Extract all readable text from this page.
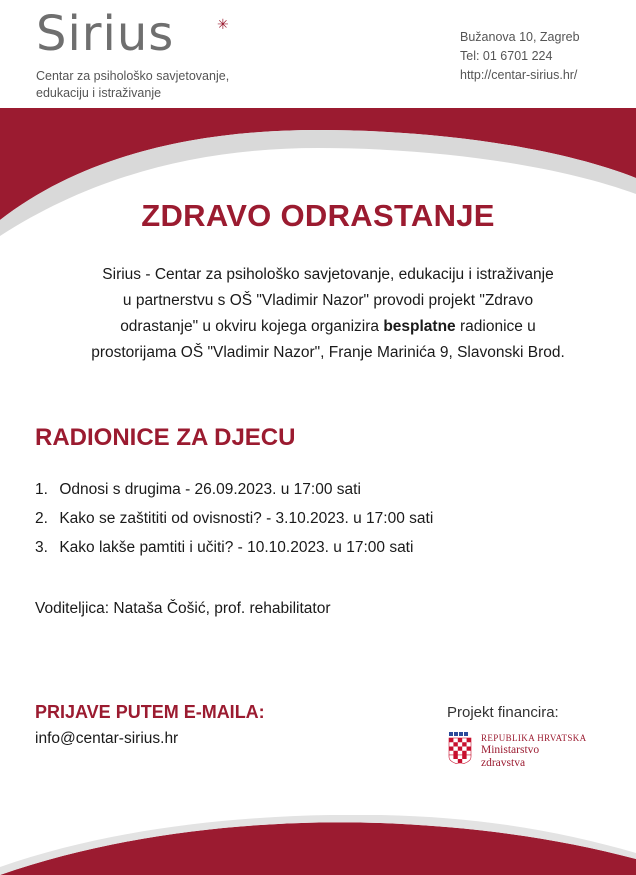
Sirius	✳
Centar za psihološko savjetovanje,
edukaciju i istraživanje
Bužanova 10, Zagreb
Tel: 01 6701 224
http://centar-sirius.hr/
ZDRAVO ODRASTANJE
Sirius - Centar za psihološko savjetovanje, edukaciju i istraživanje
u partnerstvu s OŠ "Vladimir Nazor" provodi projekt "Zdravo
odrastanje" u okviru kojega organizira besplatne radionice u
prostorijama OŠ "Vladimir Nazor", Franje Marinića 9, Slavonski Brod.
RADIONICE ZA DJECU
1. Odnosi s drugima - 26.09.2023. u 17:00 sati
2. Kako se zaštititi od ovisnosti? - 3.10.2023. u 17:00 sati
3. Kako lakše pamtiti i učiti? - 10.10.2023. u 17:00 sati
Voditeljica: Nataša Čošić, prof. rehabilitator
PRIJAVE PUTEM E-MAILA:
info@centar-sirius.hr
Projekt financira:
REPUBLIKA HRVATSKA
Ministarstvo
zdravstva
